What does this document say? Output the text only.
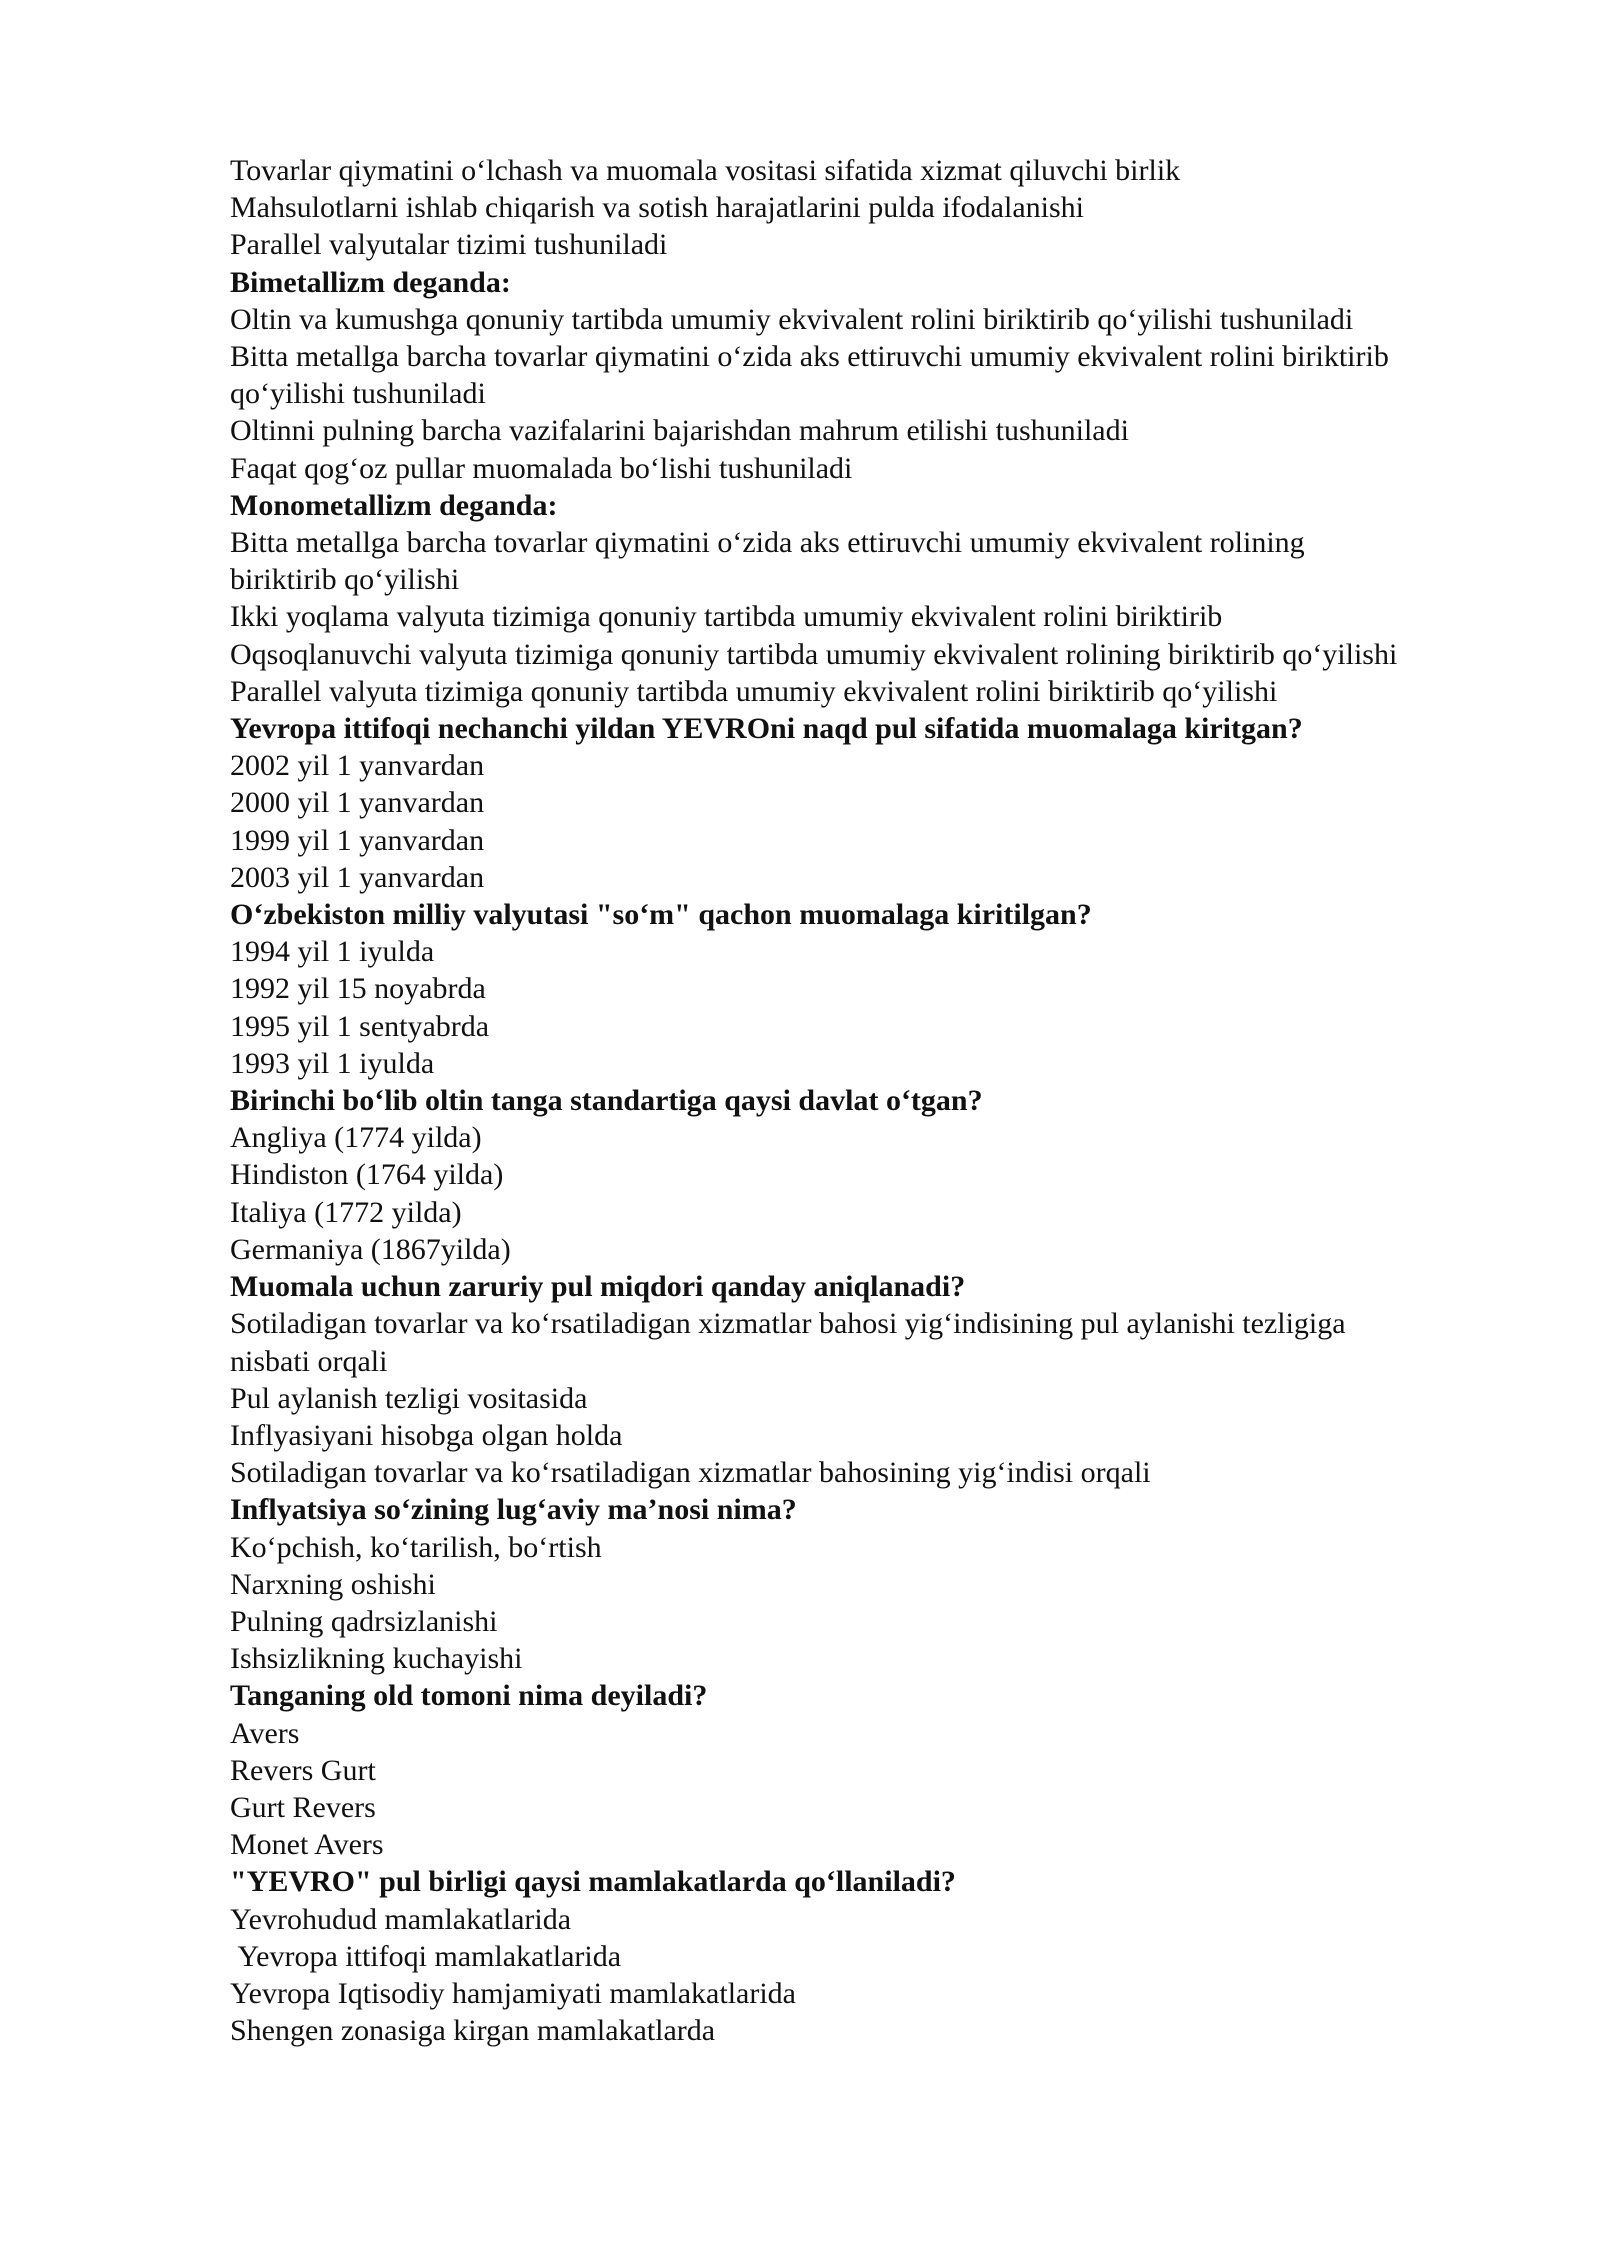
Tovarlar qiymatini o‘lchash va muomala vositasi sifatida xizmat qiluvchi birlik
Mahsulotlarni ishlab chiqarish va sotish harajatlarini pulda ifodalanishi
Parallel valyutalar tizimi tushuniladi
Bimetallizm deganda:
Oltin va kumushga qonuniy tartibda umumiy ekvivalent rolini biriktirib qo‘yilishi tushuniladi
Bitta metallga barcha tovarlar qiymatini o‘zida aks ettiruvchi umumiy ekvivalent rolini biriktirib
qo‘yilishi tushuniladi
Oltinni pulning barcha vazifalarini bajarishdan mahrum etilishi tushuniladi
Faqat qog‘oz pullar muomalada bo‘lishi tushuniladi
Monometallizm deganda:
Bitta metallga barcha tovarlar qiymatini o‘zida aks ettiruvchi umumiy ekvivalent rolining
biriktirib qo‘yilishi
Ikki yoqlama valyuta tizimiga qonuniy tartibda umumiy ekvivalent rolini biriktirib
Oqsoqlanuvchi valyuta tizimiga qonuniy tartibda umumiy ekvivalent rolining biriktirib qo‘yilishi
Parallel valyuta tizimiga qonuniy tartibda umumiy ekvivalent rolini biriktirib qo‘yilishi
Yevropa ittifoqi nechanchi yildan YEVROni naqd pul sifatida muomalaga kiritgan?
2002 yil 1 yanvardan
2000 yil 1 yanvardan
1999 yil 1 yanvardan
2003 yil 1 yanvardan
O‘zbekiston milliy valyutasi "so‘m" qachon muomalaga kiritilgan?
1994 yil 1 iyulda
1992 yil 15 noyabrda
1995 yil 1 sentyabrda
1993 yil 1 iyulda
Birinchi bo‘lib oltin tanga standartiga qaysi davlat o‘tgan?
Angliya (1774 yilda)
Hindiston (1764 yilda)
Italiya (1772 yilda)
Germaniya (1867yilda)
Muomala uchun zaruriy pul miqdori qanday aniqlanadi?
Sotiladigan tovarlar va ko‘rsatiladigan xizmatlar bahosi yig‘indisining pul aylanishi tezligiga
nisbati orqali
Pul aylanish tezligi vositasida
Inflyasiyani hisobga olgan holda
Sotiladigan tovarlar va ko‘rsatiladigan xizmatlar bahosining yig‘indisi orqali
Inflyatsiya so‘zining lug‘aviy ma’nosi nima?
Ko‘pchish, ko‘tarilish, bo‘rtish
Narxning oshishi
Pulning qadrsizlanishi
Ishsizlikning kuchayishi
Tanganing old tomoni nima deyiladi?
Avers
Revers Gurt
Gurt Revers
Monet Avers
"YEVRO" pul birligi qaysi mamlakatlarda qo‘llaniladi?
Yevrohudud mamlakatlarida
Yevropa ittifoqi mamlakatlarida
Yevropa Iqtisodiy hamjamiyati mamlakatlarida
Shengen zonasiga kirgan mamlakatlarda
